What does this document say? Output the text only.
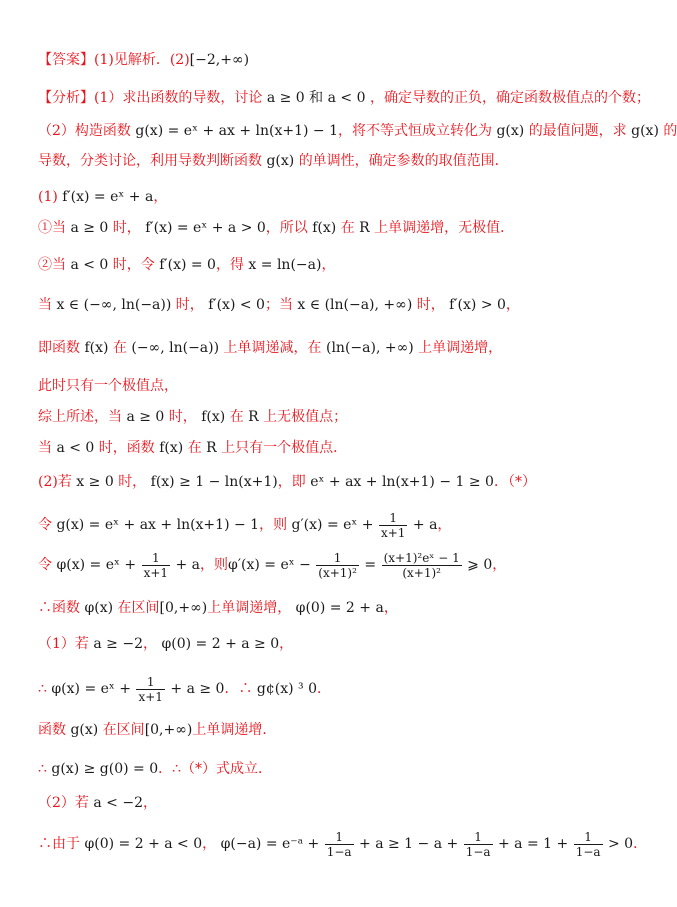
【答案】(1)见解析．(2)[−2,+∞)
【分析】(1）求出函数的导数，讨论 a ≥ 0 和 a < 0 ，确定导数的正负，确定函数极值点的个数；
（2）构造函数 g(x) = eˣ + ax + ln(x+1) − 1，将不等式恒成立转化为 g(x) 的最值问题，求 g(x) 的
导数，分类讨论，利用导数判断函数 g(x) 的单调性，确定参数的取值范围．
(1) f′(x) = eˣ + a，
①当 a ≥ 0 时， f′(x) = eˣ + a > 0，所以 f(x) 在 R 上单调递增，无极值．
②当 a < 0 时，令 f′(x) = 0，得 x = ln(−a)，
当 x ∈ (−∞, ln(−a)) 时， f′(x) < 0；当 x ∈ (ln(−a), +∞) 时， f′(x) > 0，
即函数 f(x) 在 (−∞, ln(−a)) 上单调递减，在 (ln(−a), +∞) 上单调递增，
此时只有一个极值点，
综上所述，当 a ≥ 0 时， f(x) 在 R 上无极值点；
当 a < 0 时，函数 f(x) 在 R 上只有一个极值点．
(2)若 x ≥ 0 时， f(x) ≥ 1 − ln(x+1)，即 eˣ + ax + ln(x+1) − 1 ≥ 0．（*）
令 g(x) = eˣ + ax + ln(x+1) − 1，则 g′(x) = eˣ + $\frac{1}{x+1} + a$，
令 φ(x) = eˣ + $\frac{1}{x+1} + a$，则φ′(x) = eˣ − $\frac{1}{\text{(x+1)²}} = \frac{\text{(x+1)²eˣ − 1}}{\text{(x+1)²}}$ ⩾ 0，
∴函数 φ(x) 在区间[0,+∞)上单调递增， φ(0) = 2 + a，
（1）若 a ≥ −2， φ(0) = 2 + a ≥ 0，
∴ φ(x) = eˣ + $\frac{1}{x+1} + a \ge 0$．∴ g¢(x) ³ 0．
函数 g(x) 在区间[0,+∞)上单调递增．
∴ g(x) ≥ g(0) = 0．∴（*）式成立．
（2）若 a < −2，
∴由于 φ(0) = 2 + a < 0， φ(−a) = e⁻ᵃ + $\frac{1}{1-a} + a \ge 1 - a + \frac{1}{1-a} + a = 1 + \frac{1}{1-a} > 0$．
